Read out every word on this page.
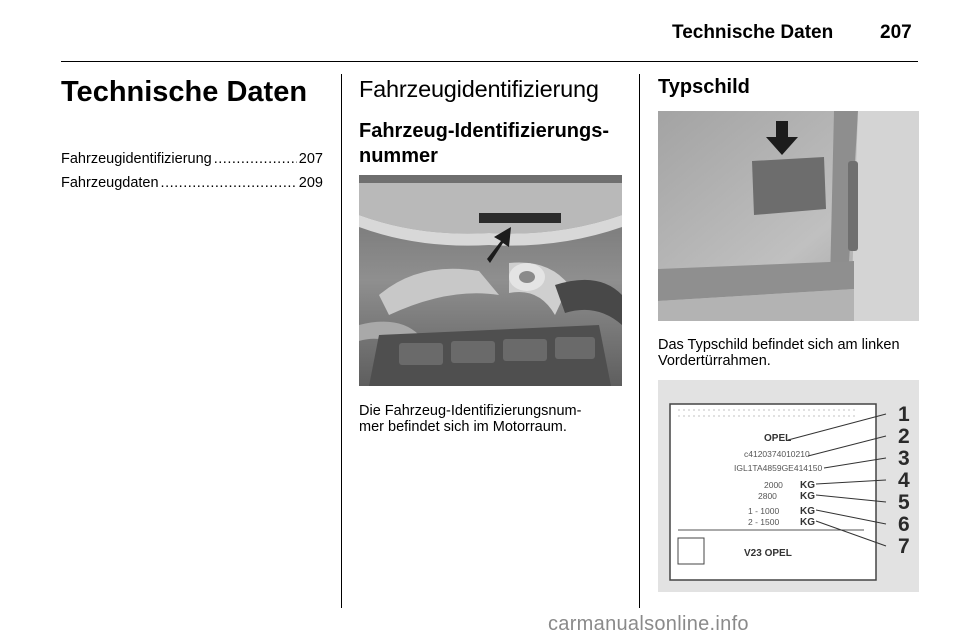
Technische Daten 207
Technische Daten
Fahrzeugidentifizierung .....	207
Fahrzeugdaten .....	209
Fahrzeugidentifizierung
Fahrzeug-Identifizierungs-
nummer
Die Fahrzeug-Identifizierungsnum-
mer befindet sich im Motorraum.
Typschild
Das Typschild befindet sich am linken
Vordertürrahmen.
OPEL
c4120374010210
IGL1TA4859GE414150
2000 KG
2800 KG
1 - 1000 KG
2 - 1500 KG
V23 OPEL
1
2
3
4
5
6
7
carmanualsonline.info
